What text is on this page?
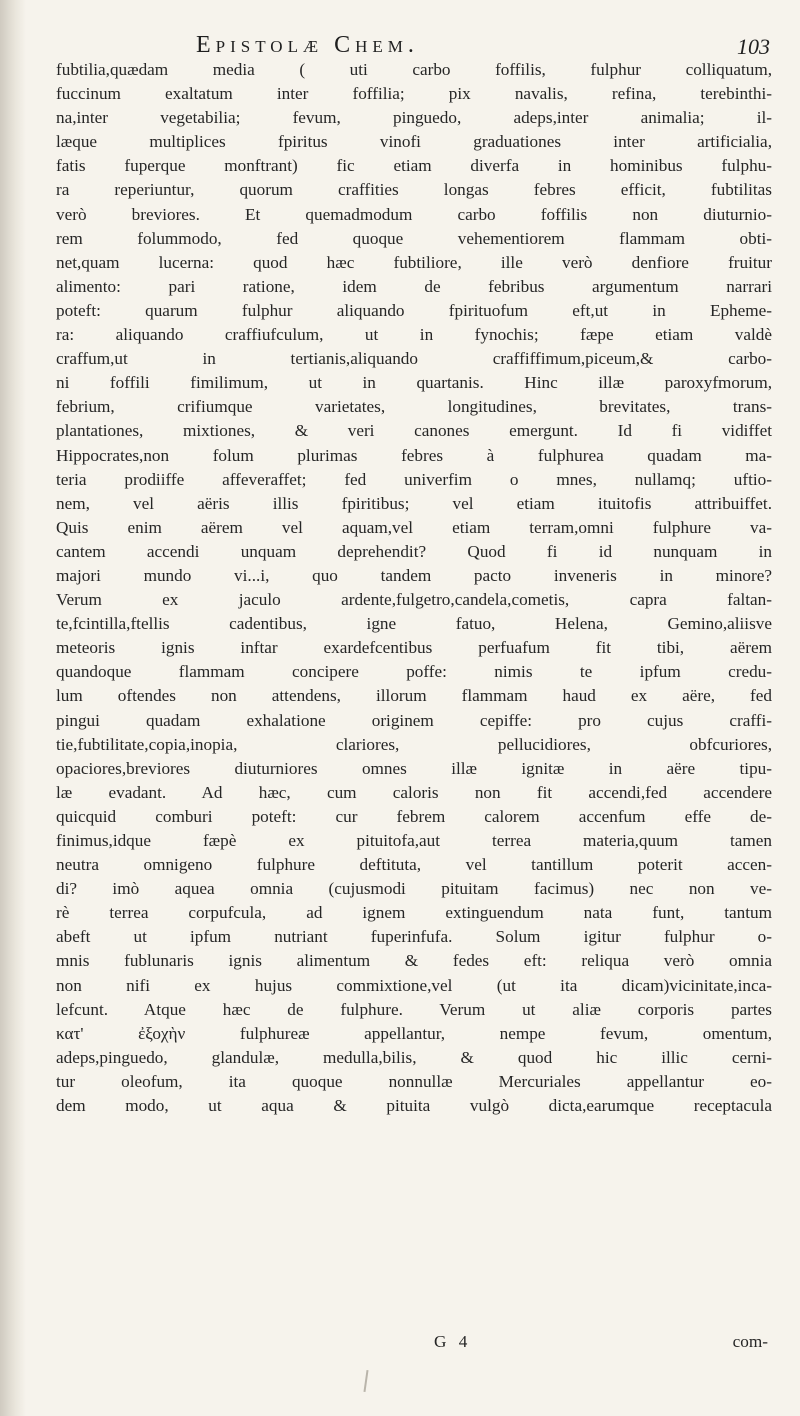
Epistolæ Chem.	103
fubtilia,quædam media ( uti carbo foffilis, fulphur colliquatum,
fuccinum exaltatum inter foffilia; pix navalis, refina, terebinthi-
na,inter vegetabilia; fevum, pinguedo, adeps,inter animalia; il-
læque multiplices fpiritus vinofi graduationes inter artificialia,
fatis fuperque monftrant) fic etiam diverfa in hominibus fulphu-
ra reperiuntur, quorum craffities longas febres efficit, fubtilitas
verò breviores. Et quemadmodum carbo foffilis non diuturnio-
rem folummodo, fed quoque vehementiorem flammam obti-
net,quam lucerna: quod hæc fubtiliore, ille verò denfiore fruitur
alimento: pari ratione, idem de febribus argumentum narrari
poteft: quarum fulphur aliquando fpirituofum eft,ut in Epheme-
ra: aliquando craffiufculum, ut in fynochis; fæpe etiam valdè
craffum,ut in tertianis,aliquando craffiffimum,piceum,& carbo-
ni foffili fimilimum, ut in quartanis. Hinc illæ paroxyfmorum,
febrium, crifiumque varietates, longitudines, brevitates, trans-
plantationes, mixtiones, & veri canones emergunt. Id fi vidiffet
Hippocrates,non folum plurimas febres à fulphurea quadam ma-
teria prodiiffe affeveraffet; fed univerfim o mnes, nullamq; uftio-
nem, vel aëris illis fpiritibus; vel etiam ituitofis attribuiffet.
Quis enim aërem vel aquam,vel etiam terram,omni fulphure va-
cantem accendi unquam deprehendit? Quod fi id nunquam in
majori mundo vi...i, quo tandem pacto inveneris in minore?
Verum ex jaculo ardente,fulgetro,candela,cometis, capra faltan-
te,fcintilla,ftellis cadentibus, igne fatuo, Helena, Gemino,aliisve
meteoris ignis inftar exardefcentibus perfuafum fit tibi, aërem
quandoque flammam concipere poffe: nimis te ipfum credu-
lum oftendes non attendens, illorum flammam haud ex aëre, fed
pingui quadam exhalatione originem cepiffe: pro cujus craffi-
tie,fubtilitate,copia,inopia, clariores, pellucidiores, obfcuriores,
opaciores,breviores diuturniores omnes illæ ignitæ in aëre tipu-
læ evadant. Ad hæc, cum caloris non fit accendi,fed accendere
quicquid comburi poteft: cur febrem calorem accenfum effe de-
finimus,idque fæpè ex pituitofa,aut terrea materia,quum tamen
neutra omnigeno fulphure deftituta, vel tantillum poterit accen-
di? imò aquea omnia (cujusmodi pituitam facimus) nec non ve-
rè terrea corpufcula, ad ignem extinguendum nata funt, tantum
abeft ut ipfum nutriant fuperinfufa. Solum igitur fulphur o-
mnis fublunaris ignis alimentum & fedes eft: reliqua verò omnia
non nifi ex hujus commixtione,vel (ut ita dicam)vicinitate,inca-
lefcunt. Atque hæc de fulphure. Verum ut aliæ corporis partes
κατ' ἐξοχὴν fulphureæ appellantur, nempe fevum, omentum,
adeps,pinguedo, glandulæ, medulla,bilis, & quod hic illic cerni-
tur oleofum, ita quoque nonnullæ Mercuriales appellantur eo-
dem modo, ut aqua & pituita vulgò dicta,earumque receptacula
G 4	com-
